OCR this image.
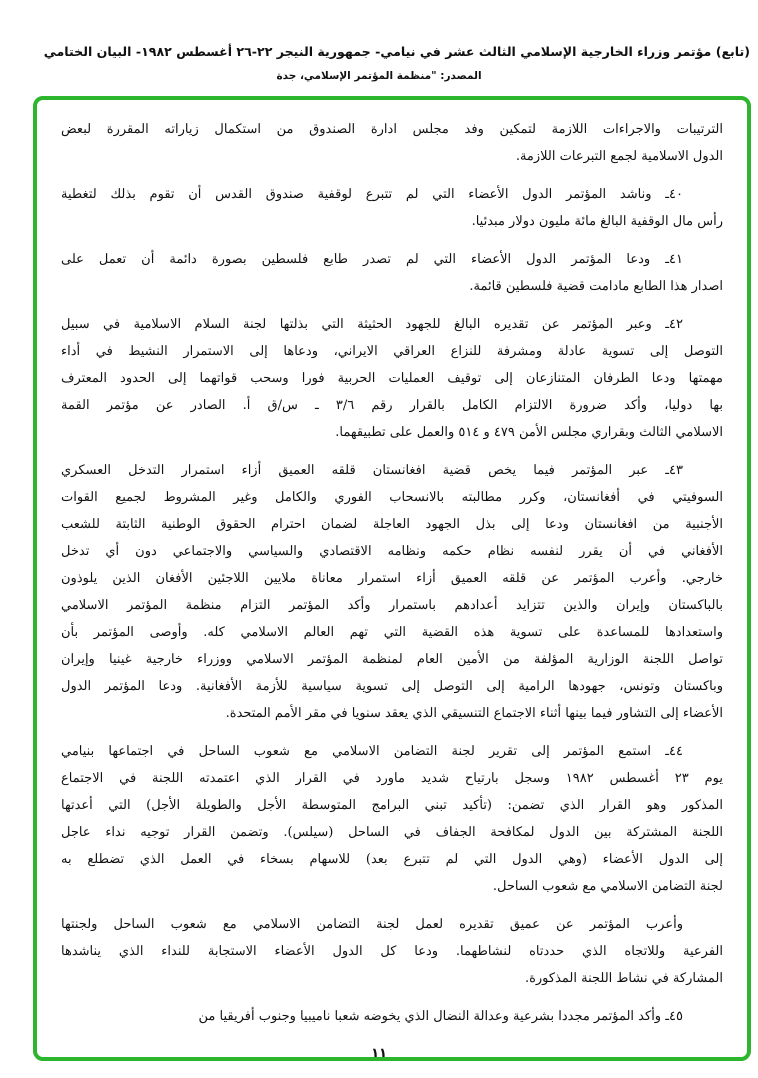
(تابع) مؤتمر وزراء الخارجية الإسلامي الثالث عشر في نيامي- جمهورية النيجر ٢٢-٢٦ أغسطس ١٩٨٢- البيان الختامي
المصدر: "منظمة المؤتمر الإسلامي، جدة
الترتيبات والاجراءات اللازمة لتمكين وفد مجلس ادارة الصندوق من استكمال زياراته المقررة لبعض
الدول الاسلامية لجمع التبرعات اللازمة.
٤٠ـ وناشد المؤتمر الدول الأعضاء التي لم تتبرع لوقفية صندوق القدس أن تقوم بذلك لتغطية
رأس مال الوقفية البالغ مائة مليون دولار مبدئيا.
٤١ـ ودعا المؤتمر الدول الأعضاء التي لم تصدر طابع فلسطين بصورة دائمة أن تعمل على
اصدار هذا الطابع مادامت قضية فلسطين قائمة.
٤٢ـ وعبر المؤتمر عن تقديره البالغ للجهود الحثيثة التي بذلتها لجنة السلام الاسلامية في سبيل
التوصل إلى تسوية عادلة ومشرفة للنزاع العراقي الايراني، ودعاها إلى الاستمرار النشيط في أداء
مهمتها ودعا الطرفان المتنازعان إلى توقيف العمليات الحربية فورا وسحب قواتهما إلى الحدود المعترف
بها دوليا، وأكد ضرورة الالتزام الكامل بالقرار رقم ٣/٦ ـ س/ق أ. الصادر عن مؤتمر القمة
الاسلامي الثالث وبقراري مجلس الأمن ٤٧٩ و ٥١٤ والعمل على تطبيقهما.
٤٣ـ عبر المؤتمر فيما يخص قضية افغانستان قلقه العميق أزاء استمرار التدخل العسكري
السوفيتي في أفغانستان، وكرر مطالبته بالانسحاب الفوري والكامل وغير المشروط لجميع القوات
الأجنبية من افغانستان ودعا إلى بذل الجهود العاجلة لضمان احترام الحقوق الوطنية الثابتة للشعب
الأفغاني في أن يقرر لنفسه نظام حكمه ونظامه الاقتصادي والسياسي والاجتماعي دون أي تدخل
خارجي. وأعرب المؤتمر عن قلقه العميق أزاء استمرار معاناة ملايين اللاجئين الأفغان الذين يلوذون
بالباكستان وإيران والذين تتزايد أعدادهم باستمرار وأكد المؤتمر التزام منظمة المؤتمر الاسلامي
واستعدادها للمساعدة على تسوية هذه القضية التي تهم العالم الاسلامي كله. وأوصى المؤتمر بأن
تواصل اللجنة الوزارية المؤلفة من الأمين العام لمنظمة المؤتمر الاسلامي ووزراء خارجية غينيا وإيران
وباكستان وتونس، جهودها الرامية إلى التوصل إلى تسوية سياسية للأزمة الأفغانية. ودعا المؤتمر الدول
الأعضاء إلى التشاور فيما بينها أثناء الاجتماع التنسيقي الذي يعقد سنويا في مقر الأمم المتحدة.
٤٤ـ استمع المؤتمر إلى تقرير لجنة التضامن الاسلامي مع شعوب الساحل في اجتماعها بنيامي
يوم ٢٣ أغسطس ١٩٨٢ وسجل بارتياح شديد ماورد في القرار الذي اعتمدته اللجنة في الاجتماع
المذكور وهو القرار الذي تضمن: (تأكيد تبني البرامج المتوسطة الأجل والطويلة الأجل) التي أعدتها
اللجنة المشتركة بين الدول لمكافحة الجفاف في الساحل (سيلس). وتضمن القرار توجيه نداء عاجل
إلى الدول الأعضاء (وهي الدول التي لم تتبرع بعد) للاسهام بسخاء في العمل الذي تضطلع به
لجنة التضامن الاسلامي مع شعوب الساحل.
وأعرب المؤتمر عن عميق تقديره لعمل لجنة التضامن الاسلامي مع شعوب الساحل ولجنتها
الفرعية وللاتجاه الذي حددتاه لنشاطهما. ودعا كل الدول الأعضاء الاستجابة للنداء الذي يناشدها
المشاركة في نشاط اللجنة المذكورة.
٤٥ـ وأكد المؤتمر مجددا بشرعية وعدالة النضال الذي يخوضه شعبا ناميبيا وجنوب أفريقيا من
١١
